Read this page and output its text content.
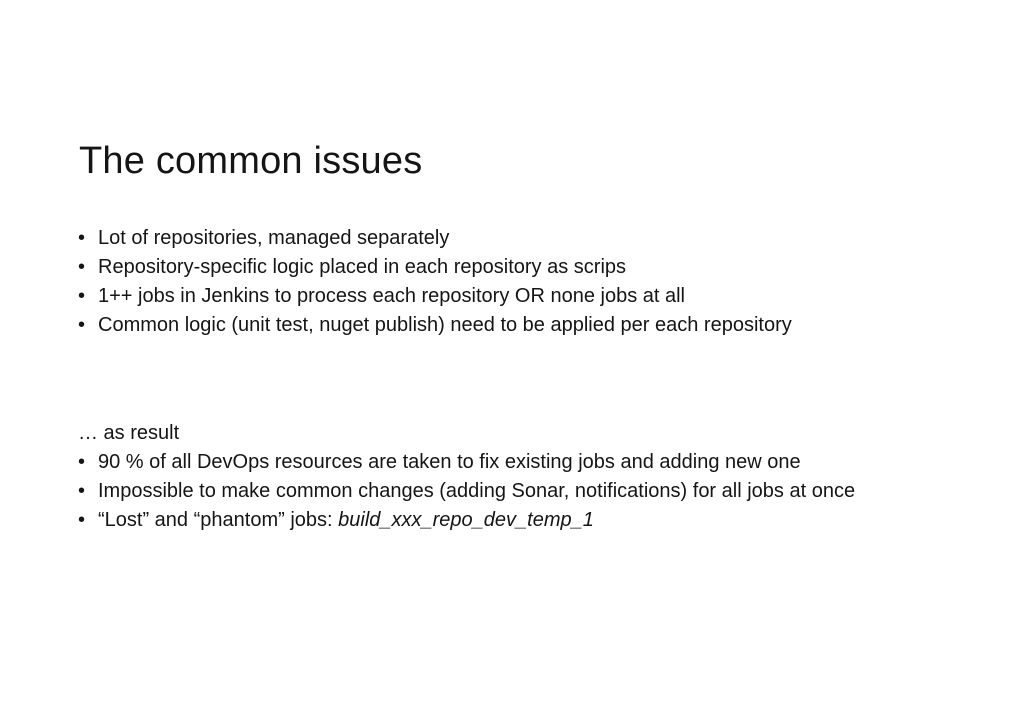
The common issues
• Lot of repositories, managed separately
• Repository-specific logic placed in each repository as scrips
• 1++ jobs in Jenkins to process each repository OR none jobs at all
• Common logic (unit test, nuget publish) need to be applied per each repository
… as result
• 90 % of all DevOps resources are taken to fix existing jobs and adding new one
• Impossible to make common changes (adding Sonar, notifications) for all jobs at once
• “Lost” and “phantom” jobs: build_xxx_repo_dev_temp_1
